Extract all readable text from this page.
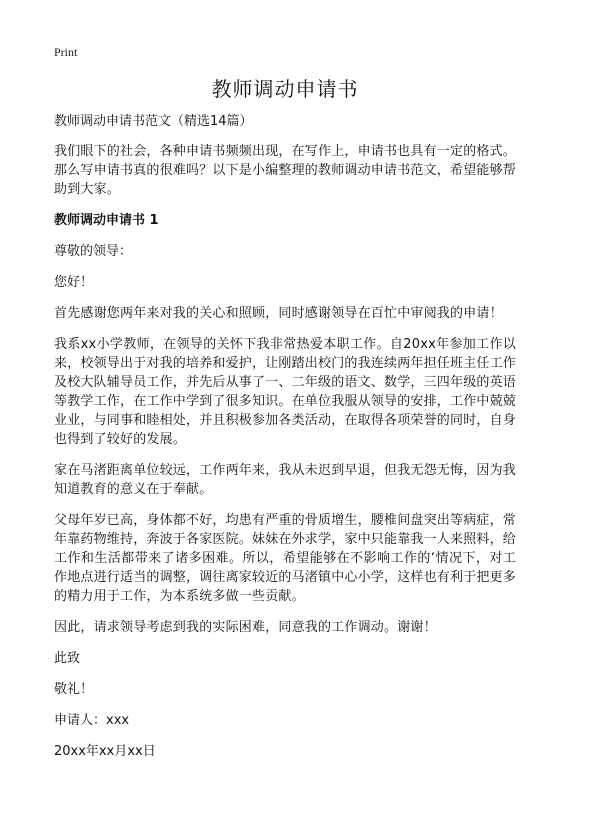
Print
教师调动申请书
教师调动申请书范文（精选14篇）

我们眼下的社会，各种申请书频频出现，在写作上，申请书也具有一定的格式。那么写申请书真的很难吗？以下是小编整理的教师调动申请书范文，希望能够帮助到大家。

教师调动申请书 1

尊敬的领导：

您好！

首先感谢您两年来对我的关心和照顾，同时感谢领导在百忙中审阅我的申请！

我系xx小学教师，在领导的关怀下我非常热爱本职工作。自20xx年参加工作以来，校领导出于对我的培养和爱护，让刚踏出校门的我连续两年担任班主任工作及校大队辅导员工作，并先后从事了一、二年级的语文、数学，三四年级的英语等教学工作，在工作中学到了很多知识。在单位我服从领导的安排，工作中兢兢业业，与同事和睦相处，并且积极参加各类活动，在取得各项荣誉的同时，自身也得到了较好的发展。

家在马渚距离单位较远，工作两年来，我从未迟到早退，但我无怨无悔，因为我知道教育的意义在于奉献。

父母年岁已高，身体都不好，均患有严重的骨质增生，腰椎间盘突出等病症，常年靠药物维持，奔波于各家医院。妹妹在外求学，家中只能靠我一人来照料，给工作和生活都带来了诸多困难。所以，希望能够在不影响工作的‘情况下，对工作地点进行适当的调整，调往离家较近的马渚镇中心小学，这样也有利于把更多的精力用于工作，为本系统多做一些贡献。

因此，请求领导考虑到我的实际困难，同意我的工作调动。谢谢！

此致

敬礼！

申请人：xxx

20xx年xx月xx日
